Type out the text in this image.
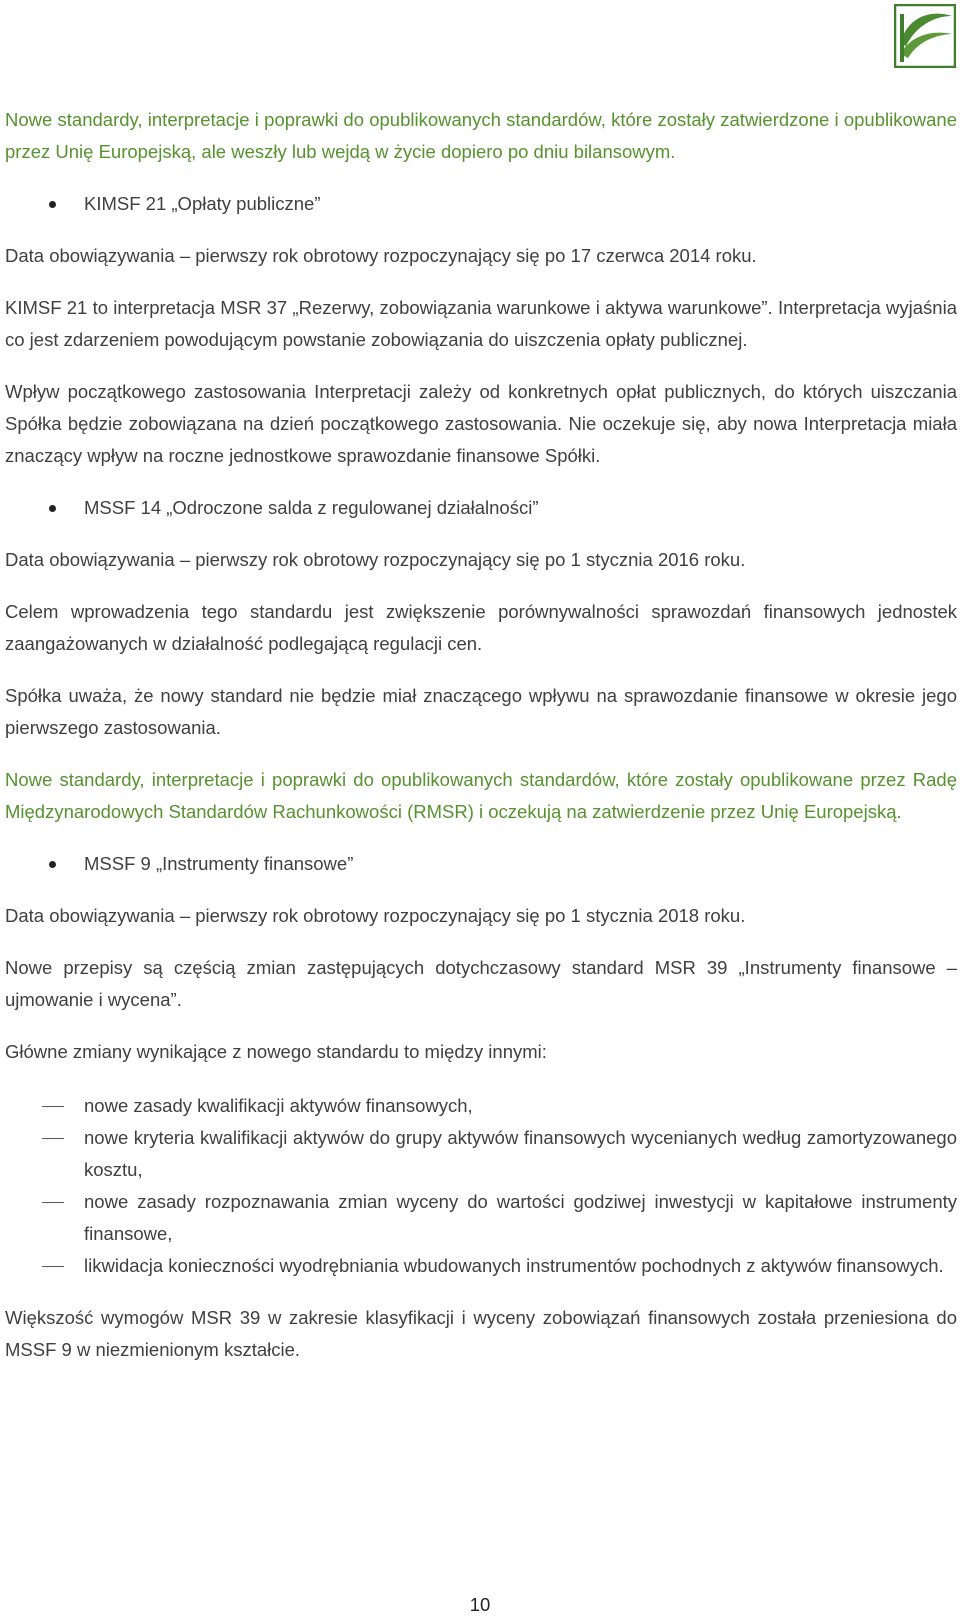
Nowe standardy, interpretacje i poprawki do opublikowanych standardów, które zostały zatwierdzone i opublikowane przez Unię Europejską, ale weszły lub wejdą w życie dopiero po dniu bilansowym.

KIMSF 21 „Opłaty publiczne”

Data obowiązywania – pierwszy rok obrotowy rozpoczynający się po 17 czerwca 2014 roku.

KIMSF 21 to interpretacja MSR 37 „Rezerwy, zobowiązania warunkowe i aktywa warunkowe”. Interpretacja wyjaśnia co jest zdarzeniem powodującym powstanie zobowiązania do uiszczenia opłaty publicznej.

Wpływ początkowego zastosowania Interpretacji zależy od konkretnych opłat publicznych, do których uiszczania Spółka będzie zobowiązana na dzień początkowego zastosowania. Nie oczekuje się, aby nowa Interpretacja miała znaczący wpływ na roczne jednostkowe sprawozdanie finansowe Spółki.

MSSF 14 „Odroczone salda z regulowanej działalności”

Data obowiązywania – pierwszy rok obrotowy rozpoczynający się po 1 stycznia 2016 roku.

Celem wprowadzenia tego standardu jest zwiększenie porównywalności sprawozdań finansowych jednostek zaangażowanych w działalność podlegającą regulacji cen.

Spółka uważa, że nowy standard nie będzie miał znaczącego wpływu na sprawozdanie finansowe w okresie jego pierwszego zastosowania.

Nowe standardy, interpretacje i poprawki do opublikowanych standardów, które zostały opublikowane przez Radę Międzynarodowych Standardów Rachunkowości (RMSR) i oczekują na zatwierdzenie przez Unię Europejską.

MSSF 9 „Instrumenty finansowe”

Data obowiązywania – pierwszy rok obrotowy rozpoczynający się po 1 stycznia 2018 roku.

Nowe przepisy są częścią zmian zastępujących dotychczasowy standard MSR 39 „Instrumenty finansowe – ujmowanie i wycena”.

Główne zmiany wynikające z nowego standardu to między innymi:

nowe zasady kwalifikacji aktywów finansowych,
nowe kryteria kwalifikacji aktywów do grupy aktywów finansowych wycenianych według zamortyzowanego kosztu,
nowe zasady rozpoznawania zmian wyceny do wartości godziwej inwestycji w kapitałowe instrumenty finansowe,
likwidacja konieczności wyodrębniania wbudowanych instrumentów pochodnych z aktywów finansowych.

Większość wymogów MSR 39 w zakresie klasyfikacji i wyceny zobowiązań finansowych została przeniesiona do MSSF 9 w niezmienionym kształcie.

10
